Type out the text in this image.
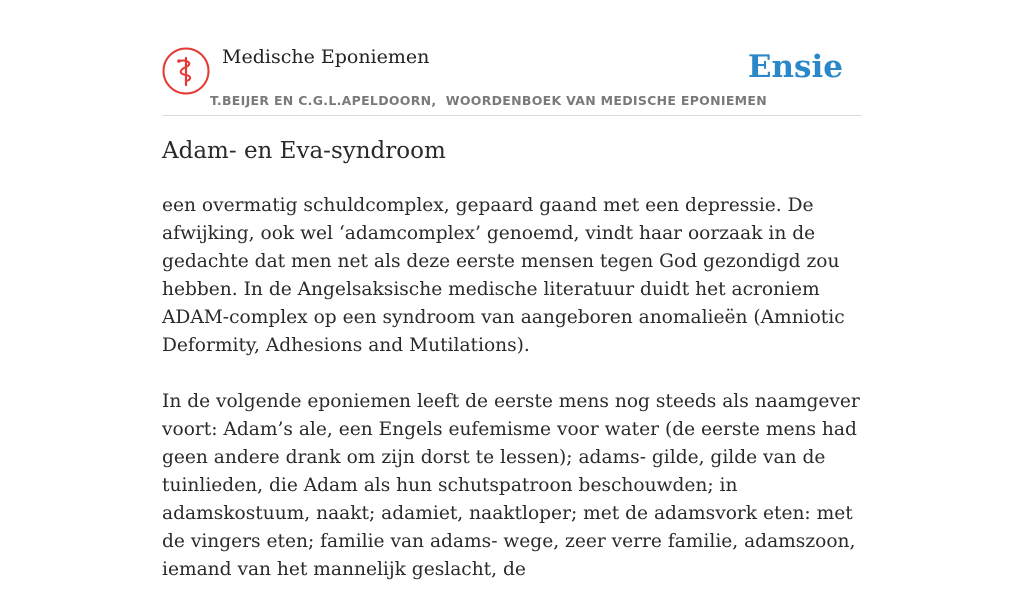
Medische Eponiemen
T.BEIJER EN C.G.L.APELDOORN,  WOORDENBOEK VAN MEDISCHE EPONIEMEN
Ensie
Adam- en Eva-syndroom

een overmatig schuldcomplex, gepaard gaand met een depressie. De afwijking, ook wel ‘adamcomplex’ genoemd, vindt haar oorzaak in de gedachte dat men net als deze eerste mensen tegen God gezondigd zou hebben. In de Angelsaksische medische literatuur duidt het acroniem ADAM-complex op een syndroom van aangeboren anomalieën (Amniotic Deformity, Adhesions and Mutilations).

In de volgende eponiemen leeft de eerste mens nog steeds als naamgever voort: Adam’s ale, een Engels eufemisme voor water (de eerste mens had geen andere drank om zijn dorst te lessen); adams- gilde, gilde van de tuinlieden, die Adam als hun schutspatroon beschouwden; in adamskostuum, naakt; adamiet, naaktloper; met de adamsvork eten: met de vingers eten; familie van adams- wege, zeer verre familie, adamszoon, iemand van het mannelijk geslacht, de
